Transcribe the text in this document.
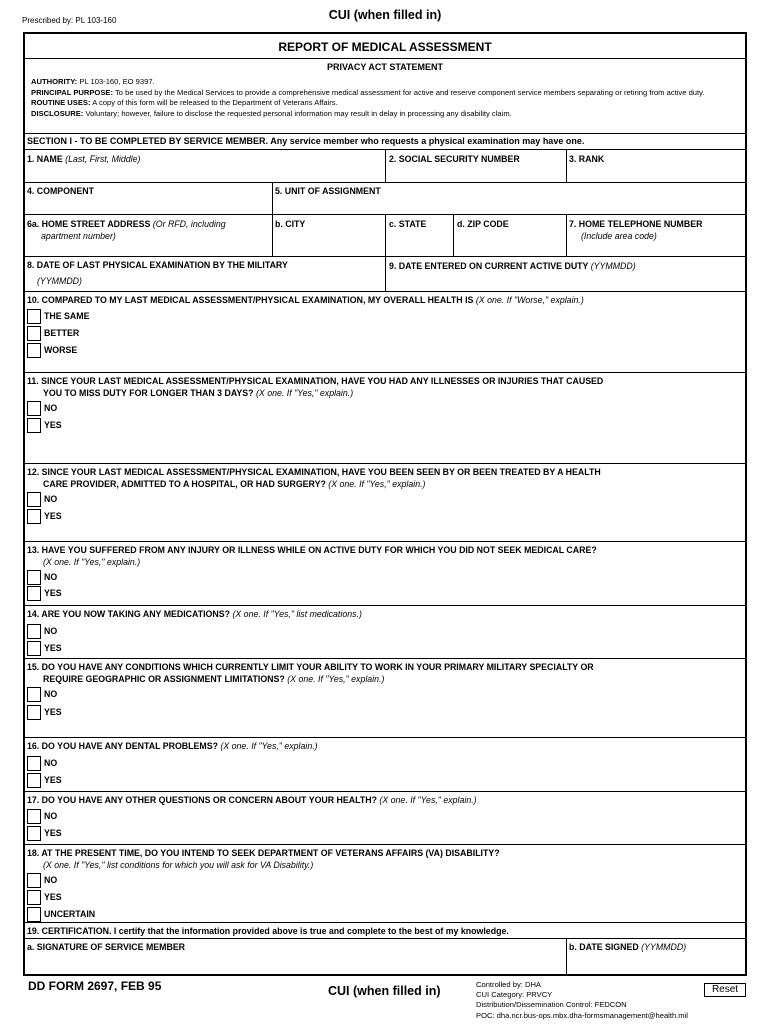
Prescribed by: PL 103-160	CUI (when filled in)
REPORT OF MEDICAL ASSESSMENT
PRIVACY ACT STATEMENT
AUTHORITY: PL 103-160, EO 9397.
PRINCIPAL PURPOSE: To be used by the Medical Services to provide a comprehensive medical assessment for active and reserve component service members separating or retiring from active duty.
ROUTINE USES: A copy of this form will be released to the Department of Veterans Affairs.
DISCLOSURE: Voluntary; however, failure to disclose the requested personal information may result in delay in processing any disability claim.
SECTION I - TO BE COMPLETED BY SERVICE MEMBER. Any service member who requests a physical examination may have one.
1. NAME (Last, First, Middle)	2. SOCIAL SECURITY NUMBER	3. RANK
4. COMPONENT	5. UNIT OF ASSIGNMENT
6a. HOME STREET ADDRESS (Or RFD, including
apartment number)
b. CITY	c. STATE	d. ZIP CODE	7. HOME TELEPHONE NUMBER
(Include area code)
8. DATE OF LAST PHYSICAL EXAMINATION BY THE MILITARY
(YYMMDD)
9. DATE ENTERED ON CURRENT ACTIVE DUTY (YYMMDD)
10. COMPARED TO MY LAST MEDICAL ASSESSMENT/PHYSICAL EXAMINATION, MY OVERALL HEALTH IS (X one. If "Worse," explain.)
THE SAME
BETTER
WORSE
11. SINCE YOUR LAST MEDICAL ASSESSMENT/PHYSICAL EXAMINATION, HAVE YOU HAD ANY ILLNESSES OR INJURIES THAT CAUSED
YOU TO MISS DUTY FOR LONGER THAN 3 DAYS? (X one. If "Yes," explain.)
NO
YES
12. SINCE YOUR LAST MEDICAL ASSESSMENT/PHYSICAL EXAMINATION, HAVE YOU BEEN SEEN BY OR BEEN TREATED BY A HEALTH
CARE PROVIDER, ADMITTED TO A HOSPITAL, OR HAD SURGERY? (X one. If "Yes," explain.)
NO
YES
13. HAVE YOU SUFFERED FROM ANY INJURY OR ILLNESS WHILE ON ACTIVE DUTY FOR WHICH YOU DID NOT SEEK MEDICAL CARE?
(X one. If "Yes," explain.)
NO
YES
14. ARE YOU NOW TAKING ANY MEDICATIONS? (X one. If "Yes," list medications.)
NO
YES
15. DO YOU HAVE ANY CONDITIONS WHICH CURRENTLY LIMIT YOUR ABILITY TO WORK IN YOUR PRIMARY MILITARY SPECIALTY OR
REQUIRE GEOGRAPHIC OR ASSIGNMENT LIMITATIONS? (X one. If "Yes," explain.)
NO
YES
16. DO YOU HAVE ANY DENTAL PROBLEMS? (X one. If "Yes," explain.)
NO
YES
17. DO YOU HAVE ANY OTHER QUESTIONS OR CONCERN ABOUT YOUR HEALTH? (X one. If "Yes," explain.)
NO
YES
18. AT THE PRESENT TIME, DO YOU INTEND TO SEEK DEPARTMENT OF VETERANS AFFAIRS (VA) DISABILITY?
(X one. If "Yes," list conditions for which you will ask for VA Disability.)
NO
YES
UNCERTAIN
19. CERTIFICATION. I certify that the information provided above is true and complete to the best of my knowledge.
a. SIGNATURE OF SERVICE MEMBER	b. DATE SIGNED (YYMMDD)
DD FORM 2697, FEB 95	CUI (when filled in)	Controlled by: DHA
CUI Category: PRVCY
Distribution/Dissemination Control: FEDCON
POC: dha.ncr.bus-ops.mbx.dha-formsmanagement@health.mil
Reset
